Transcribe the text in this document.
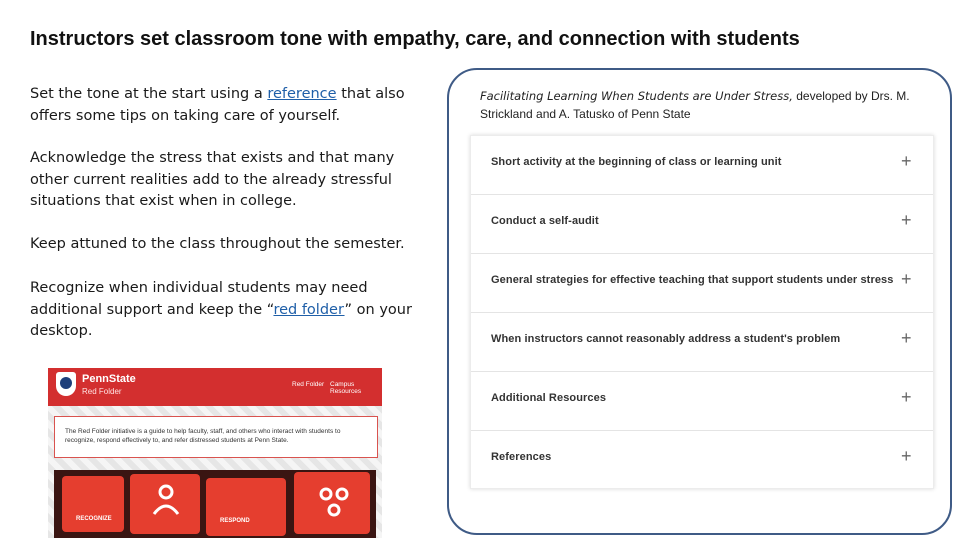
Instructors set classroom tone with empathy, care, and connection with students
Set the tone at the start using a reference that also offers some tips on taking care of yourself.
Acknowledge the stress that exists and that many other current realities add to the already stressful situations that exist when in college.
Keep attuned to the class throughout the semester.
Recognize when individual students may need additional support and keep the “red folder” on your desktop.
PennState
Red Folder
Red Folder Campus Resources
The Red Folder initiative is a guide to help faculty, staff, and others who interact with students to recognize, respond effectively to, and refer distressed students at Penn State.
RECOGNIZE	RESPOND
Facilitating Learning When Students are Under Stress, developed by Drs. M. Strickland and A. Tatusko of Penn State
Short activity at the beginning of class or learning unit	+
Conduct a self-audit	+
General strategies for effective teaching that support students under stress +
When instructors cannot reasonably address a student's problem	+
Additional Resources	+
References	+
